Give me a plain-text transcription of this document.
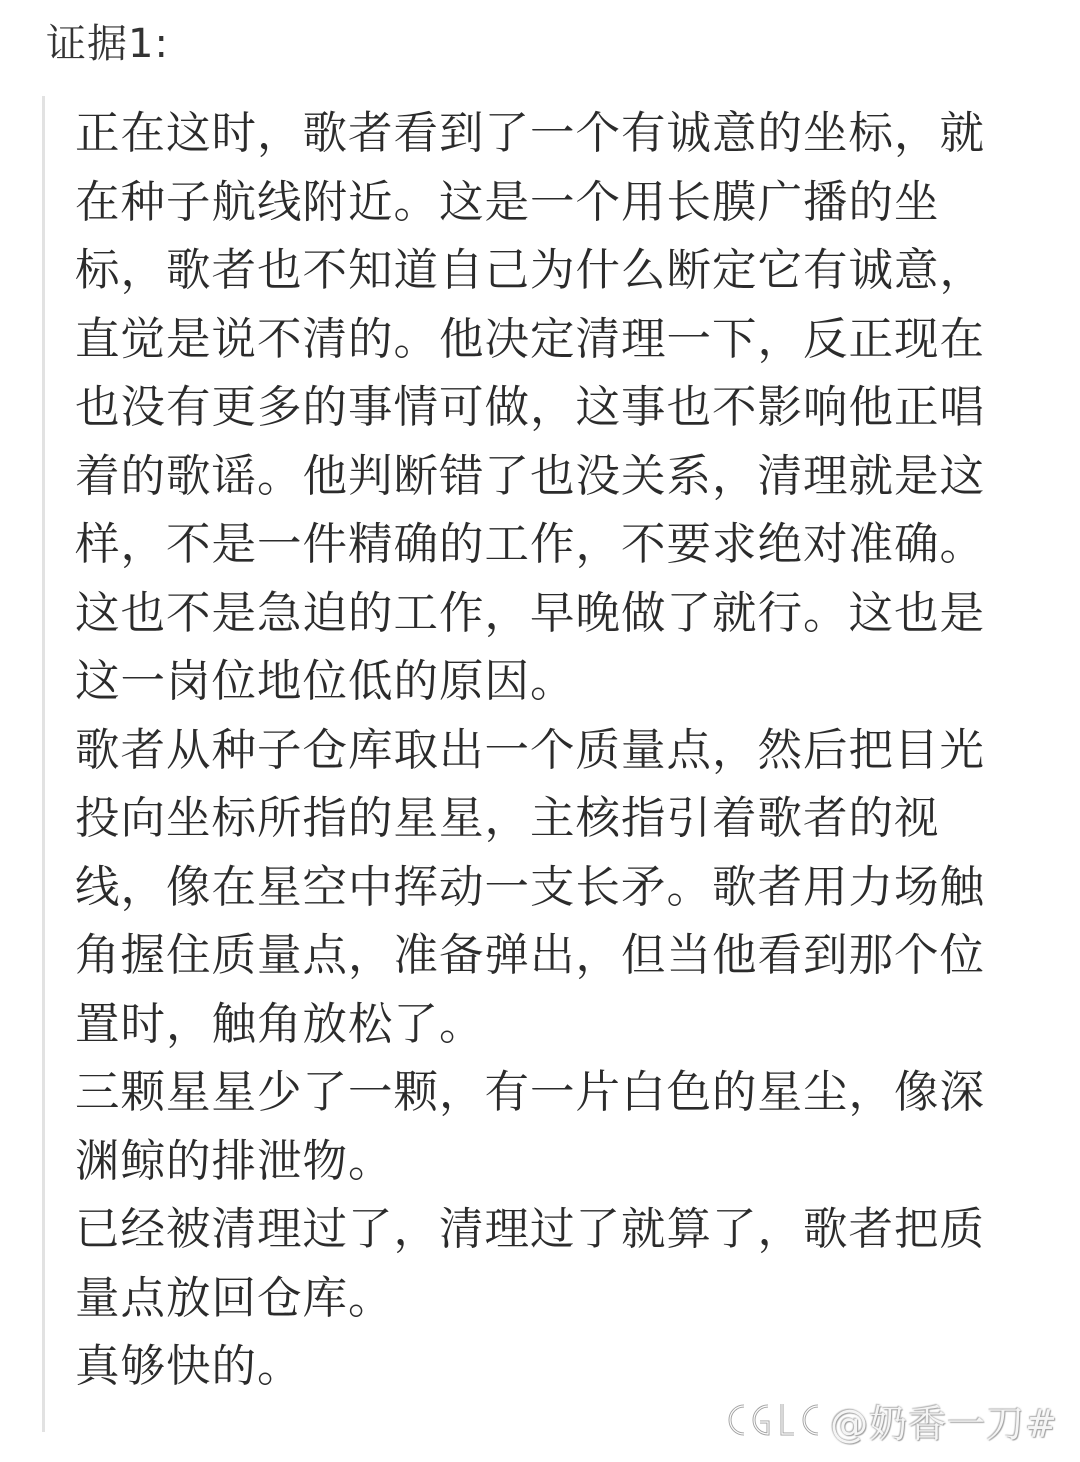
证据1:

正在这时，歌者看到了一个有诚意的坐标，就在种子航线附近。这是一个用长膜广播的坐标，歌者也不知道自己为什么断定它有诚意，直觉是说不清的。他决定清理一下，反正现在也没有更多的事情可做，这事也不影响他正唱着的歌谣。他判断错了也没关系，清理就是这样，不是一件精确的工作，不要求绝对准确。这也不是急迫的工作，早晚做了就行。这也是这一岗位地位低的原因。

歌者从种子仓库取出一个质量点，然后把目光投向坐标所指的星星，主核指引着歌者的视线，像在星空中挥动一支长矛。歌者用力场触角握住质量点，准备弹出，但当他看到那个位置时，触角放松了。

三颗星星少了一颗，有一片白色的星尘，像深渊鲸的排泄物。

已经被清理过了，清理过了就算了，歌者把质量点放回仓库。

真够快的。

@奶香一刀#
